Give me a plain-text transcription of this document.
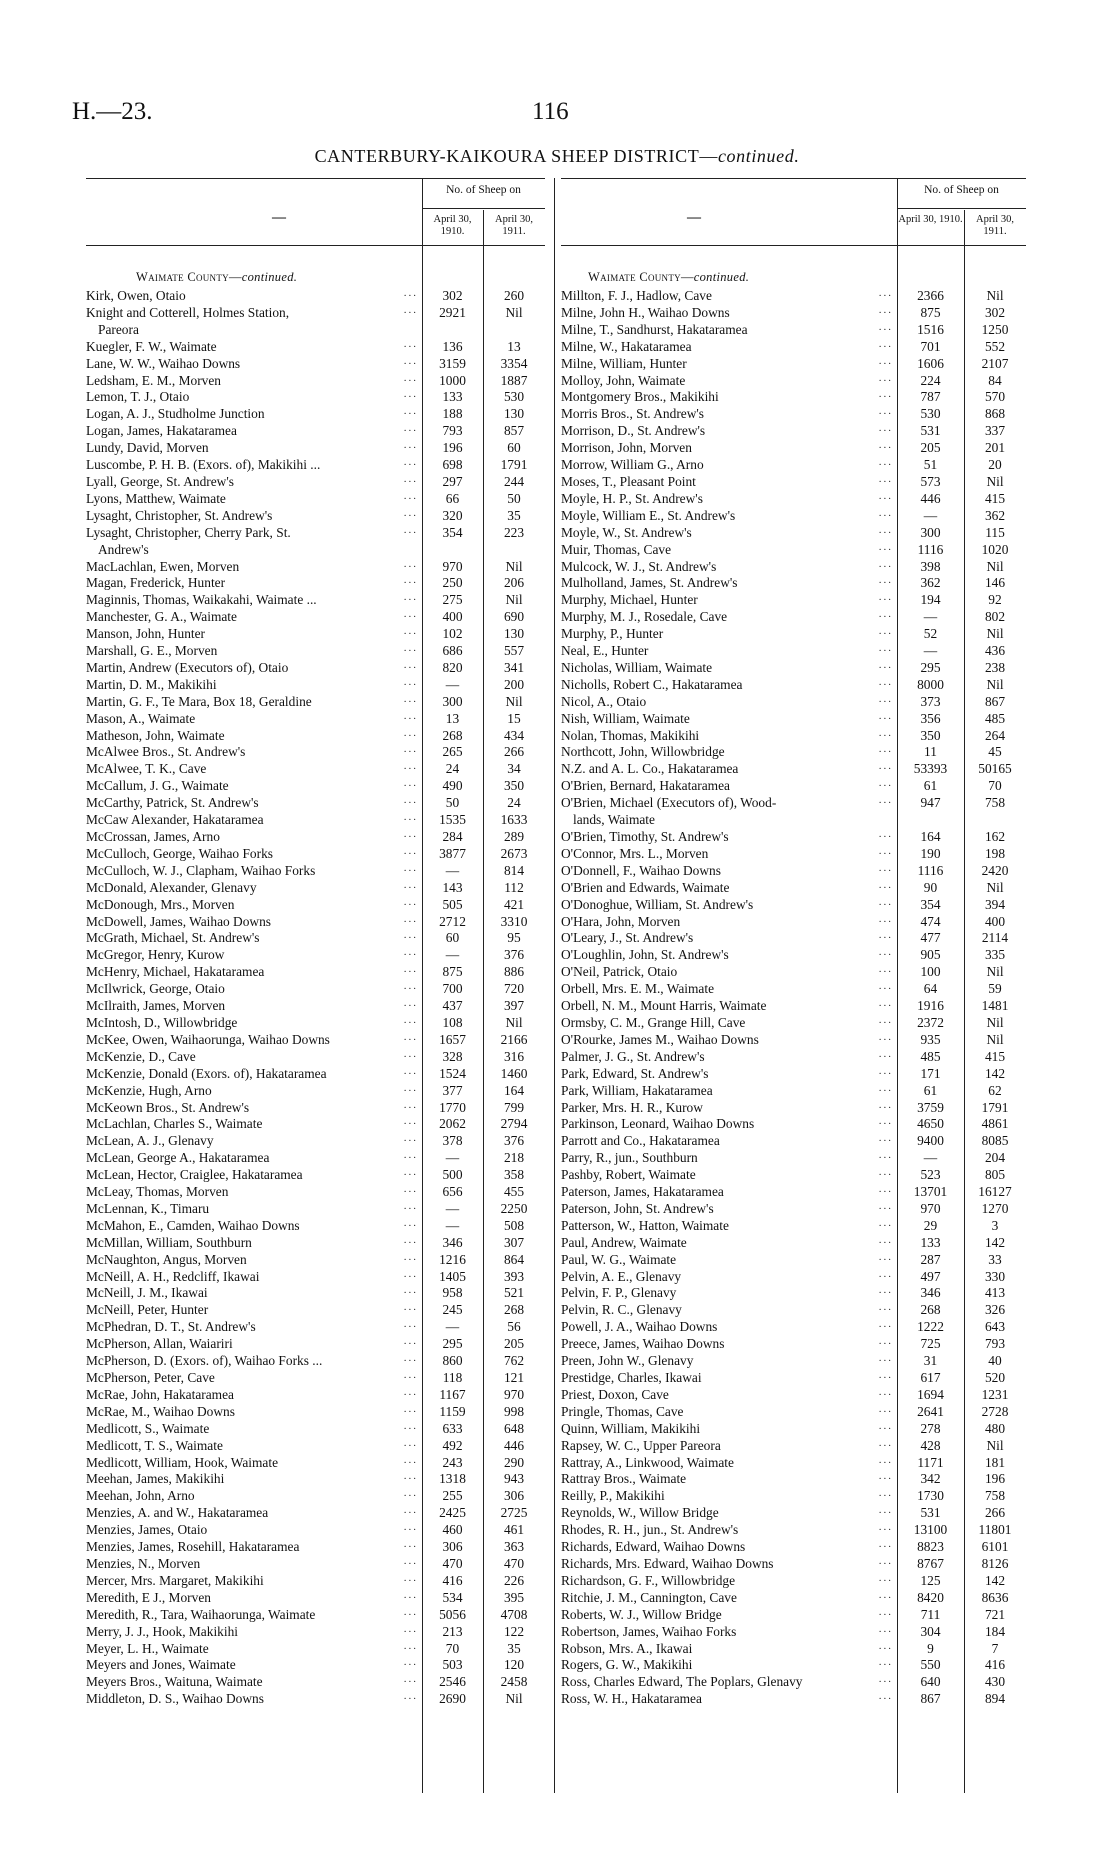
H.—23.	116
CANTERBURY-KAIKOURA SHEEP DISTRICT—continued.
—
No. of Sheep on
April 30, 1910.
April 30, 1911.
Waimate County—continued.
Kirk, Owen, Otaio	...	302	260
Knight and Cotterell, Holmes Station,	...	2921	Nil
Pareora
Kuegler, F. W., Waimate	...	136	13
Lane, W. W., Waihao Downs	...	3159	3354
Ledsham, E. M., Morven	...	1000	1887
Lemon, T. J., Otaio	...	133	530
Logan, A. J., Studholme Junction	...	188	130
Logan, James, Hakataramea	...	793	857
Lundy, David, Morven	...	196	60
Luscombe, P. H. B. (Exors. of), Makikihi ...	...	698	1791
Lyall, George, St. Andrew's	...	297	244
Lyons, Matthew, Waimate	...	66	50
Lysaght, Christopher, St. Andrew's	...	320	35
Lysaght, Christopher, Cherry Park, St.	...	354	223
Andrew's
MacLachlan, Ewen, Morven	...	970	Nil
Magan, Frederick, Hunter	...	250	206
Maginnis, Thomas, Waikakahi, Waimate ...	...	275	Nil
Manchester, G. A., Waimate	...	400	690
Manson, John, Hunter	...	102	130
Marshall, G. E., Morven	...	686	557
Martin, Andrew (Executors of), Otaio	...	820	341
Martin, D. M., Makikihi	...	—	200
Martin, G. F., Te Mara, Box 18, Geraldine	...	300	Nil
Mason, A., Waimate	...	13	15
Matheson, John, Waimate	...	268	434
McAlwee Bros., St. Andrew's	...	265	266
McAlwee, T. K., Cave	...	24	34
McCallum, J. G., Waimate	...	490	350
McCarthy, Patrick, St. Andrew's	...	50	24
McCaw Alexander, Hakataramea	...	1535	1633
McCrossan, James, Arno	...	284	289
McCulloch, George, Waihao Forks	...	3877	2673
McCulloch, W. J., Clapham, Waihao Forks	...	—	814
McDonald, Alexander, Glenavy	...	143	112
McDonough, Mrs., Morven	...	505	421
McDowell, James, Waihao Downs	...	2712	3310
McGrath, Michael, St. Andrew's	...	60	95
McGregor, Henry, Kurow	...	—	376
McHenry, Michael, Hakataramea	...	875	886
McIlwrick, George, Otaio	...	700	720
McIlraith, James, Morven	...	437	397
McIntosh, D., Willowbridge	...	108	Nil
McKee, Owen, Waihaorunga, Waihao Downs	...	1657	2166
McKenzie, D., Cave	...	328	316
McKenzie, Donald (Exors. of), Hakataramea	...	1524	1460
McKenzie, Hugh, Arno	...	377	164
McKeown Bros., St. Andrew's	...	1770	799
McLachlan, Charles S., Waimate	...	2062	2794
McLean, A. J., Glenavy	...	378	376
McLean, George A., Hakataramea	...	—	218
McLean, Hector, Craiglee, Hakataramea	...	500	358
McLeay, Thomas, Morven	...	656	455
McLennan, K., Timaru	...	—	2250
McMahon, E., Camden, Waihao Downs	...	—	508
McMillan, William, Southburn	...	346	307
McNaughton, Angus, Morven	...	1216	864
McNeill, A. H., Redcliff, Ikawai	...	1405	393
McNeill, J. M., Ikawai	...	958	521
McNeill, Peter, Hunter	...	245	268
McPhedran, D. T., St. Andrew's	...	—	56
McPherson, Allan, Waiariri	...	295	205
McPherson, D. (Exors. of), Waihao Forks ...	...	860	762
McPherson, Peter, Cave	...	118	121
McRae, John, Hakataramea	...	1167	970
McRae, M., Waihao Downs	...	1159	998
Medlicott, S., Waimate	...	633	648
Medlicott, T. S., Waimate	...	492	446
Medlicott, William, Hook, Waimate	...	243	290
Meehan, James, Makikihi	...	1318	943
Meehan, John, Arno	...	255	306
Menzies, A. and W., Hakataramea	...	2425	2725
Menzies, James, Otaio	...	460	461
Menzies, James, Rosehill, Hakataramea	...	306	363
Menzies, N., Morven	...	470	470
Mercer, Mrs. Margaret, Makikihi	...	416	226
Meredith, E J., Morven	...	534	395
Meredith, R., Tara, Waihaorunga, Waimate	...	5056	4708
Merry, J. J., Hook, Makikihi	...	213	122
Meyer, L. H., Waimate	...	70	35
Meyers and Jones, Waimate	...	503	120
Meyers Bros., Waituna, Waimate	...	2546	2458
Middleton, D. S., Waihao Downs	...	2690	Nil
—
No. of Sheep on
April 30, 1910.	April 30, 1911.
Waimate County—continued.
Millton, F. J., Hadlow, Cave	...	2366	Nil
Milne, John H., Waihao Downs	...	875	302
Milne, T., Sandhurst, Hakataramea	...	1516	1250
Milne, W., Hakataramea	...	701	552
Milne, William, Hunter	...	1606	2107
Molloy, John, Waimate	...	224	84
Montgomery Bros., Makikihi	...	787	570
Morris Bros., St. Andrew's	...	530	868
Morrison, D., St. Andrew's	...	531	337
Morrison, John, Morven	...	205	201
Morrow, William G., Arno	...	51	20
Moses, T., Pleasant Point	...	573	Nil
Moyle, H. P., St. Andrew's	...	446	415
Moyle, William E., St. Andrew's	...	—	362
Moyle, W., St. Andrew's	...	300	115
Muir, Thomas, Cave	...	1116	1020
Mulcock, W. J., St. Andrew's	...	398	Nil
Mulholland, James, St. Andrew's	...	362	146
Murphy, Michael, Hunter	...	194	92
Murphy, M. J., Rosedale, Cave	...	—	802
Murphy, P., Hunter	...	52	Nil
Neal, E., Hunter	...	—	436
Nicholas, William, Waimate	...	295	238
Nicholls, Robert C., Hakataramea	...	8000	Nil
Nicol, A., Otaio	...	373	867
Nish, William, Waimate	...	356	485
Nolan, Thomas, Makikihi	...	350	264
Northcott, John, Willowbridge	...	11	45
N.Z. and A. L. Co., Hakataramea	...	53393	50165
O'Brien, Bernard, Hakataramea	...	61	70
O'Brien, Michael (Executors of), Wood-	...	947	758
lands, Waimate
O'Brien, Timothy, St. Andrew's	...	164	162
O'Connor, Mrs. L., Morven	...	190	198
O'Donnell, F., Waihao Downs	...	1116	2420
O'Brien and Edwards, Waimate	...	90	Nil
O'Donoghue, William, St. Andrew's	...	354	394
O'Hara, John, Morven	...	474	400
O'Leary, J., St. Andrew's	...	477	2114
O'Loughlin, John, St. Andrew's	...	905	335
O'Neil, Patrick, Otaio	...	100	Nil
Orbell, Mrs. E. M., Waimate	...	64	59
Orbell, N. M., Mount Harris, Waimate	...	1916	1481
Ormsby, C. M., Grange Hill, Cave	...	2372	Nil
O'Rourke, James M., Waihao Downs	...	935	Nil
Palmer, J. G., St. Andrew's	...	485	415
Park, Edward, St. Andrew's	...	171	142
Park, William, Hakataramea	...	61	62
Parker, Mrs. H. R., Kurow	...	3759	1791
Parkinson, Leonard, Waihao Downs	...	4650	4861
Parrott and Co., Hakataramea	...	9400	8085
Parry, R., jun., Southburn	...	—	204
Pashby, Robert, Waimate	...	523	805
Paterson, James, Hakataramea	...	13701	16127
Paterson, John, St. Andrew's	...	970	1270
Patterson, W., Hatton, Waimate	...	29	3
Paul, Andrew, Waimate	...	133	142
Paul, W. G., Waimate	...	287	33
Pelvin, A. E., Glenavy	...	497	330
Pelvin, F. P., Glenavy	...	346	413
Pelvin, R. C., Glenavy	...	268	326
Powell, J. A., Waihao Downs	...	1222	643
Preece, James, Waihao Downs	...	725	793
Preen, John W., Glenavy	...	31	40
Prestidge, Charles, Ikawai	...	617	520
Priest, Doxon, Cave	...	1694	1231
Pringle, Thomas, Cave	...	2641	2728
Quinn, William, Makikihi	...	278	480
Rapsey, W. C., Upper Pareora	...	428	Nil
Rattray, A., Linkwood, Waimate	...	1171	181
Rattray Bros., Waimate	...	342	196
Reilly, P., Makikihi	...	1730	758
Reynolds, W., Willow Bridge	...	531	266
Rhodes, R. H., jun., St. Andrew's	...	13100	11801
Richards, Edward, Waihao Downs	...	8823	6101
Richards, Mrs. Edward, Waihao Downs	...	8767	8126
Richardson, G. F., Willowbridge	...	125	142
Ritchie, J. M., Cannington, Cave	...	8420	8636
Roberts, W. J., Willow Bridge	...	711	721
Robertson, James, Waihao Forks	...	304	184
Robson, Mrs. A., Ikawai	...	9	7
Rogers, G. W., Makikihi	...	550	416
Ross, Charles Edward, The Poplars, Glenavy	...	640	430
Ross, W. H., Hakataramea	...	867	894
